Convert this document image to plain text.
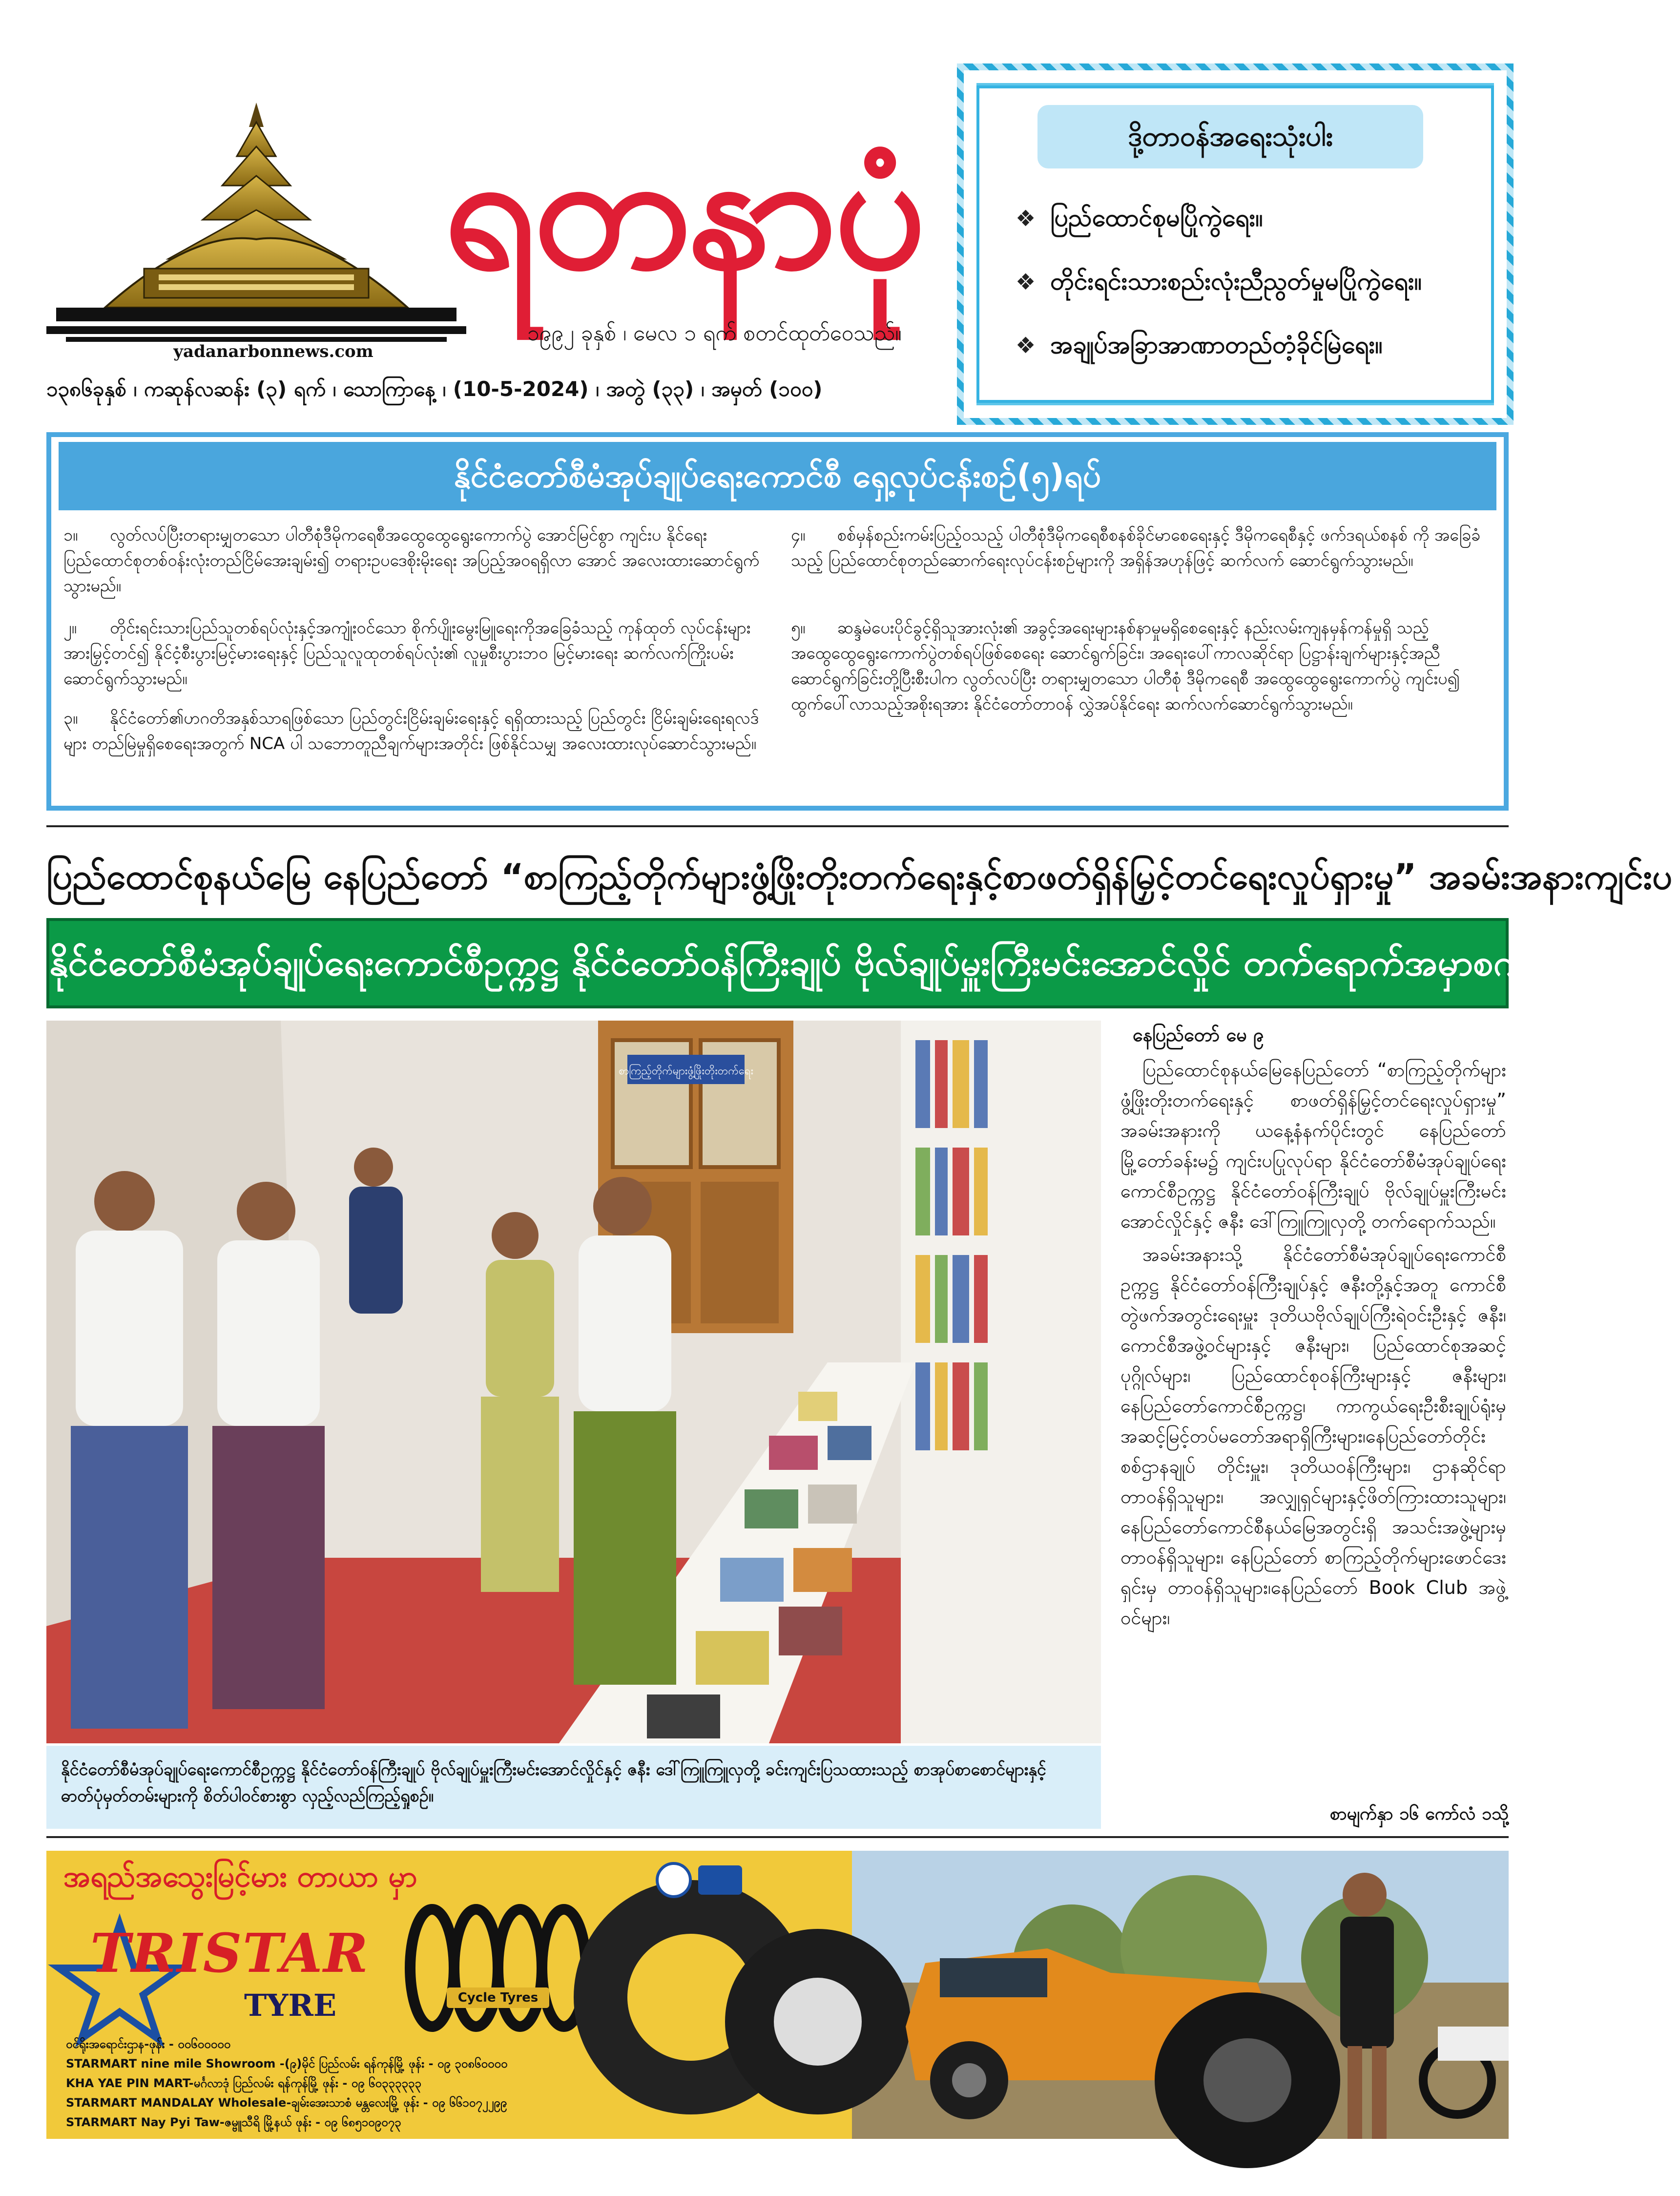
yadanarbonnews.com
ရတနာပုံ
၁၉၉၂ ခုနှစ် ၊ မေလ ၁ ရက် စတင်ထုတ်ဝေသည်။
၁၃၈၆ခုနှစ် ၊ ကဆုန်လဆန်း (၃) ရက် ၊ သောကြာနေ့ ၊ (10-5-2024) ၊ အတွဲ (၃၃) ၊ အမှတ် (၁၀၀)
ဒို့တာဝန်အရေးသုံးပါး
❖ ပြည်ထောင်စုမပြိုကွဲရေး။
❖ တိုင်းရင်းသားစည်းလုံးညီညွတ်မှုမပြိုကွဲရေး။
❖ အချုပ်အခြာအာဏာတည်တံ့ခိုင်မြဲရေး။
နိုင်ငံတော်စီမံအုပ်ချုပ်ရေးကောင်စီ ရှေ့လုပ်ငန်းစဉ်(၅)ရပ်
၁။ လွတ်လပ်ပြီးတရားမျှတသော ပါတီစုံဒီမိုကရေစီအထွေထွေရွေးကောက်ပွဲ အောင်မြင်စွာ ကျင်းပ နိုင်ရေး ပြည်ထောင်စုတစ်ဝန်းလုံးတည်ငြိမ်အေးချမ်း၍ တရားဥပဒေစိုးမိုးရေး အပြည့်အဝရရှိလာ အောင် အလေးထားဆောင်ရွက်သွားမည်။
၂။ တိုင်းရင်းသားပြည်သူတစ်ရပ်လုံးနှင့်အကျုံးဝင်သော စိုက်ပျိုးမွေးမြူရေးကိုအခြေခံသည့် ကုန်ထုတ် လုပ်ငန်းများအားမြှင့်တင်၍ နိုင်ငံ့စီးပွားမြင့်မားရေးနှင့် ပြည်သူလူထုတစ်ရပ်လုံး၏ လူမှုစီးပွားဘဝ မြင့်မားရေး ဆက်လက်ကြိုးပမ်းဆောင်ရွက်သွားမည်။
၃။ နိုင်ငံတော်၏ဟဂတိအနှစ်သာရဖြစ်သော ပြည်တွင်းငြိမ်းချမ်းရေးနှင့် ရရှိထားသည့် ပြည်တွင်း ငြိမ်းချမ်းရေးရလဒ်များ တည်မြဲမှုရှိစေရေးအတွက် NCA ပါ သဘောတူညီချက်များအတိုင်း ဖြစ်နိုင်သမျှ အလေးထားလုပ်ဆောင်သွားမည်။
၄။ စစ်မှန်စည်းကမ်းပြည့်ဝသည့် ပါတီစုံဒီမိုကရေစီစနစ်ခိုင်မာစေရေးနှင့် ဒီမိုကရေစီနှင့် ဖက်ဒရယ်စနစ် ကို အခြေခံသည့် ပြည်ထောင်စုတည်ဆောက်ရေးလုပ်ငန်းစဉ်များကို အရှိန်အဟုန်ဖြင့် ဆက်လက် ဆောင်ရွက်သွားမည်။
၅။ ဆန္ဒမဲပေးပိုင်ခွင့်ရှိသူအားလုံး၏ အခွင့်အရေးများနစ်နာမှုမရှိစေရေးနှင့် နည်းလမ်းကျနမှန်ကန်မှုရှိ သည့် အထွေထွေရွေးကောက်ပွဲတစ်ရပ်ဖြစ်စေရေး ဆောင်ရွက်ခြင်း၊ အရေးပေါ်ကာလဆိုင်ရာ ပြဋ္ဌာန်းချက်များနှင့်အညီ ဆောင်ရွက်ခြင်းတို့ပြီးစီးပါက လွတ်လပ်ပြီး တရားမျှတသော ပါတီစုံ ဒီမိုကရေစီ အထွေထွေရွေးကောက်ပွဲ ကျင်းပ၍ ထွက်ပေါ်လာသည့်အစိုးရအား နိုင်ငံတော်တာဝန် လွှဲအပ်နိုင်ရေး ဆက်လက်ဆောင်ရွက်သွားမည်။
ပြည်ထောင်စုနယ်မြေ နေပြည်တော် “စာကြည့်တိုက်များဖွံ့ဖြိုးတိုးတက်ရေးနှင့်စာဖတ်ရှိန်မြှင့်တင်ရေးလှုပ်ရှားမှု” အခမ်းအနားကျင်းပ
နိုင်ငံတော်စီမံအုပ်ချုပ်ရေးကောင်စီဥက္ကဋ္ဌ နိုင်ငံတော်ဝန်ကြီးချုပ် ဗိုလ်ချုပ်မှူးကြီးမင်းအောင်လှိုင် တက်ရောက်အမှာစကားပြောကြား
စာကြည့်တိုက်များဖွံ့ဖြိုးတိုးတက်ရေး
နိုင်ငံတော်စီမံအုပ်ချုပ်ရေးကောင်စီဥက္ကဋ္ဌ နိုင်ငံတော်ဝန်ကြီးချုပ် ဗိုလ်ချုပ်မှူးကြီးမင်းအောင်လှိုင်နှင့် ဇနီး ဒေါ်ကြူကြူလှတို့ ခင်းကျင်းပြသထားသည့် စာအုပ်စာစောင်များနှင့် ဓာတ်ပုံမှတ်တမ်းများကို စိတ်ပါဝင်စားစွာ လှည့်လည်ကြည့်ရှုစဉ်။
နေပြည်တော် မေ ၉

ပြည်ထောင်စုနယ်မြေနေပြည်တော် “စာကြည့်တိုက်များဖွံ့ဖြိုးတိုးတက်ရေးနှင့် စာဖတ်ရှိန်မြှင့်တင်ရေးလှုပ်ရှားမှု” အခမ်းအနားကို ယနေ့နံနက်ပိုင်းတွင် နေပြည်တော် မြို့တော်ခန်းမ၌ ကျင်းပပြုလုပ်ရာ နိုင်ငံတော်စီမံအုပ်ချုပ်ရေးကောင်စီဥက္ကဋ္ဌ နိုင်ငံတော်ဝန်ကြီးချုပ် ဗိုလ်ချုပ်မှူးကြီးမင်းအောင်လှိုင်နှင့် ဇနီး ဒေါ်ကြူကြူလှတို့ တက်ရောက်သည်။

အခမ်းအနားသို့ နိုင်ငံတော်စီမံအုပ်ချုပ်ရေးကောင်စီဥက္ကဋ္ဌ နိုင်ငံတော်ဝန်ကြီးချုပ်နှင့် ဇနီးတို့နှင့်အတူ ကောင်စီတွဲဖက်အတွင်းရေးမှူး ဒုတိယဗိုလ်ချုပ်ကြီးရဲဝင်းဦးနှင့် ဇနီး၊ ကောင်စီအဖွဲ့ဝင်များနှင့် ဇနီးများ၊ ပြည်ထောင်စုအဆင့်ပုဂ္ဂိုလ်များ၊ ပြည်ထောင်စုဝန်ကြီးများနှင့် ဇနီးများ၊နေပြည်တော်ကောင်စီဥက္ကဋ္ဌ၊ ကာကွယ်ရေးဦးစီးချုပ်ရုံးမှ အဆင့်မြင့်တပ်မတော်အရာရှိကြီးများ၊နေပြည်တော်တိုင်းစစ်ဌာနချုပ် တိုင်းမှူး၊ ဒုတိယဝန်ကြီးများ၊ ဌာနဆိုင်ရာတာဝန်ရှိသူများ၊ အလျှုရှင်များနှင့်ဖိတ်ကြားထားသူများ၊ နေပြည်တော်ကောင်စီနယ်မြေအတွင်းရှိ အသင်းအဖွဲ့များမှ တာဝန်ရှိသူများ၊ နေပြည်တော် စာကြည့်တိုက်များဖောင်ဒေးရှင်းမှ တာဝန်ရှိသူများ၊နေပြည်တော် Book Club အဖွဲ့ဝင်များ၊

စာမျက်နှာ ၁၆ ကော်လံ ၁သို့
အရည်အသွေးမြင့်မား တာယာ မှာ
TRISTAR
TYRE	Cycle Tyres
ဝင်ရိုးအရောင်းဌာန-ဖုန်း - ၀၀၆၀၀၀၀၀
STARMART nine mile Showroom -(၉)မိုင် ပြည်လမ်း ရန်ကုန်မြို့ ဖုန်း - ၀၉ ၃၀၈၆၀၀၀၀
KHA YAE PIN MART-မင်္ဂလာဒုံ ပြည်လမ်း ရန်ကုန်မြို့ ဖုန်း - ၀၉ ၆၀၃၃၃၃၃၃
STARMART MANDALAY Wholesale-ချမ်းအေးသာစံ မန္တလေးမြို့ ဖုန်း - ၀၉ ၆၆၁၀၇၂၂၉၉
STARMART Nay Pyi Taw-ဇမ္ဗူသီရိ မြို့နယ် ဖုန်း - ၀၉ ၆၈၅၁၀၉၀၇၃
